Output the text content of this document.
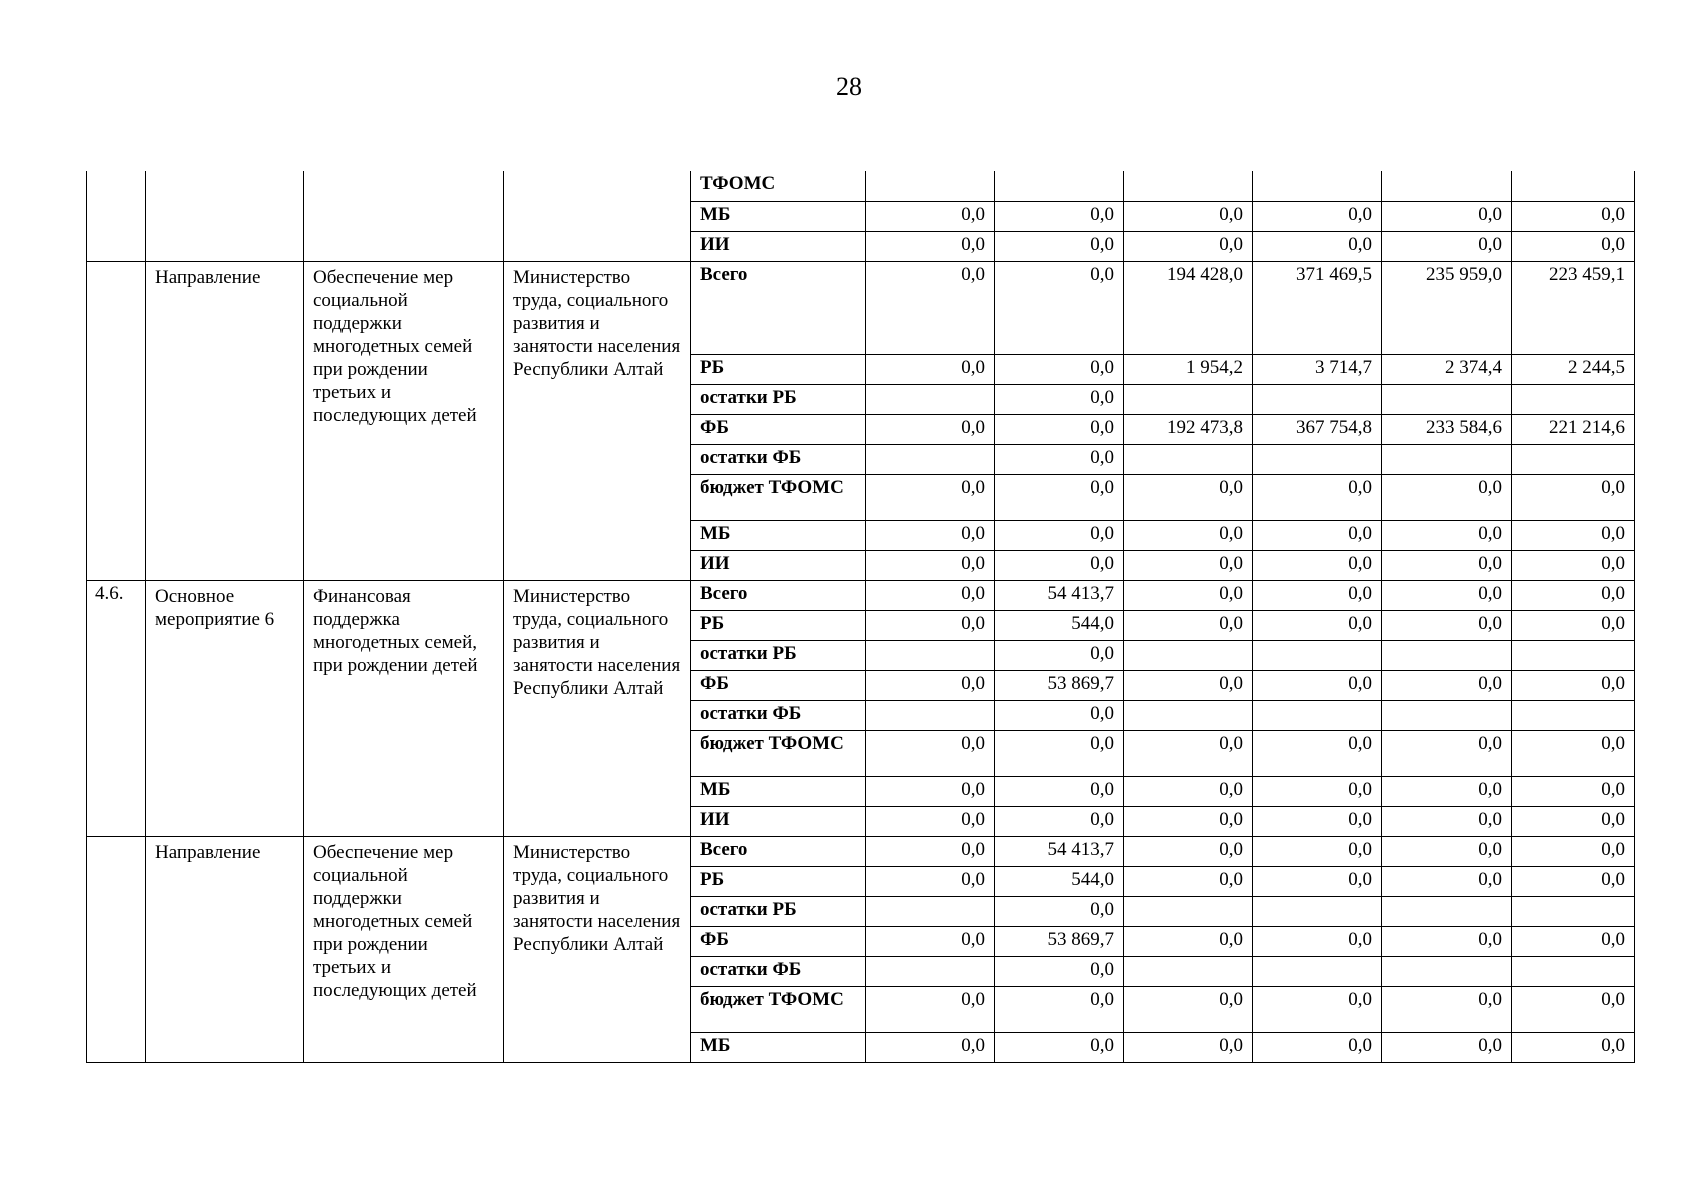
28
				ТФОМС						
				МБ	0,0	0,0	0,0	0,0	0,0	0,0
				ИИ	0,0	0,0	0,0	0,0	0,0	0,0
	Направление	Обеспечение мер социальной поддержки многодетных семей при рождении третьих и последующих детей	Министерство труда, социального развития и занятости населения Республики Алтай	Всего	0,0	0,0	194 428,0	371 469,5	235 959,0	223 459,1
				РБ	0,0	0,0	1 954,2	3 714,7	2 374,4	2 244,5
				остатки РБ		0,0				
				ФБ	0,0	0,0	192 473,8	367 754,8	233 584,6	221 214,6
				остатки ФБ		0,0				
				бюджет ТФОМС	0,0	0,0	0,0	0,0	0,0	0,0
				МБ	0,0	0,0	0,0	0,0	0,0	0,0
				ИИ	0,0	0,0	0,0	0,0	0,0	0,0
4.6.	Основное мероприятие 6	Финансовая поддержка многодетных семей, при рождении детей	Министерство труда, социального развития и занятости населения Республики Алтай	Всего	0,0	54 413,7	0,0	0,0	0,0	0,0
				РБ	0,0	544,0	0,0	0,0	0,0	0,0
				остатки РБ		0,0				
				ФБ	0,0	53 869,7	0,0	0,0	0,0	0,0
				остатки ФБ		0,0				
				бюджет ТФОМС	0,0	0,0	0,0	0,0	0,0	0,0
				МБ	0,0	0,0	0,0	0,0	0,0	0,0
				ИИ	0,0	0,0	0,0	0,0	0,0	0,0
	Направление	Обеспечение мер социальной поддержки многодетных семей при рождении третьих и последующих детей	Министерство труда, социального развития и занятости населения Республики Алтай	Всего	0,0	54 413,7	0,0	0,0	0,0	0,0
				РБ	0,0	544,0	0,0	0,0	0,0	0,0
				остатки РБ		0,0				
				ФБ	0,0	53 869,7	0,0	0,0	0,0	0,0
				остатки ФБ		0,0				
				бюджет ТФОМС	0,0	0,0	0,0	0,0	0,0	0,0
				МБ	0,0	0,0	0,0	0,0	0,0	0,0
